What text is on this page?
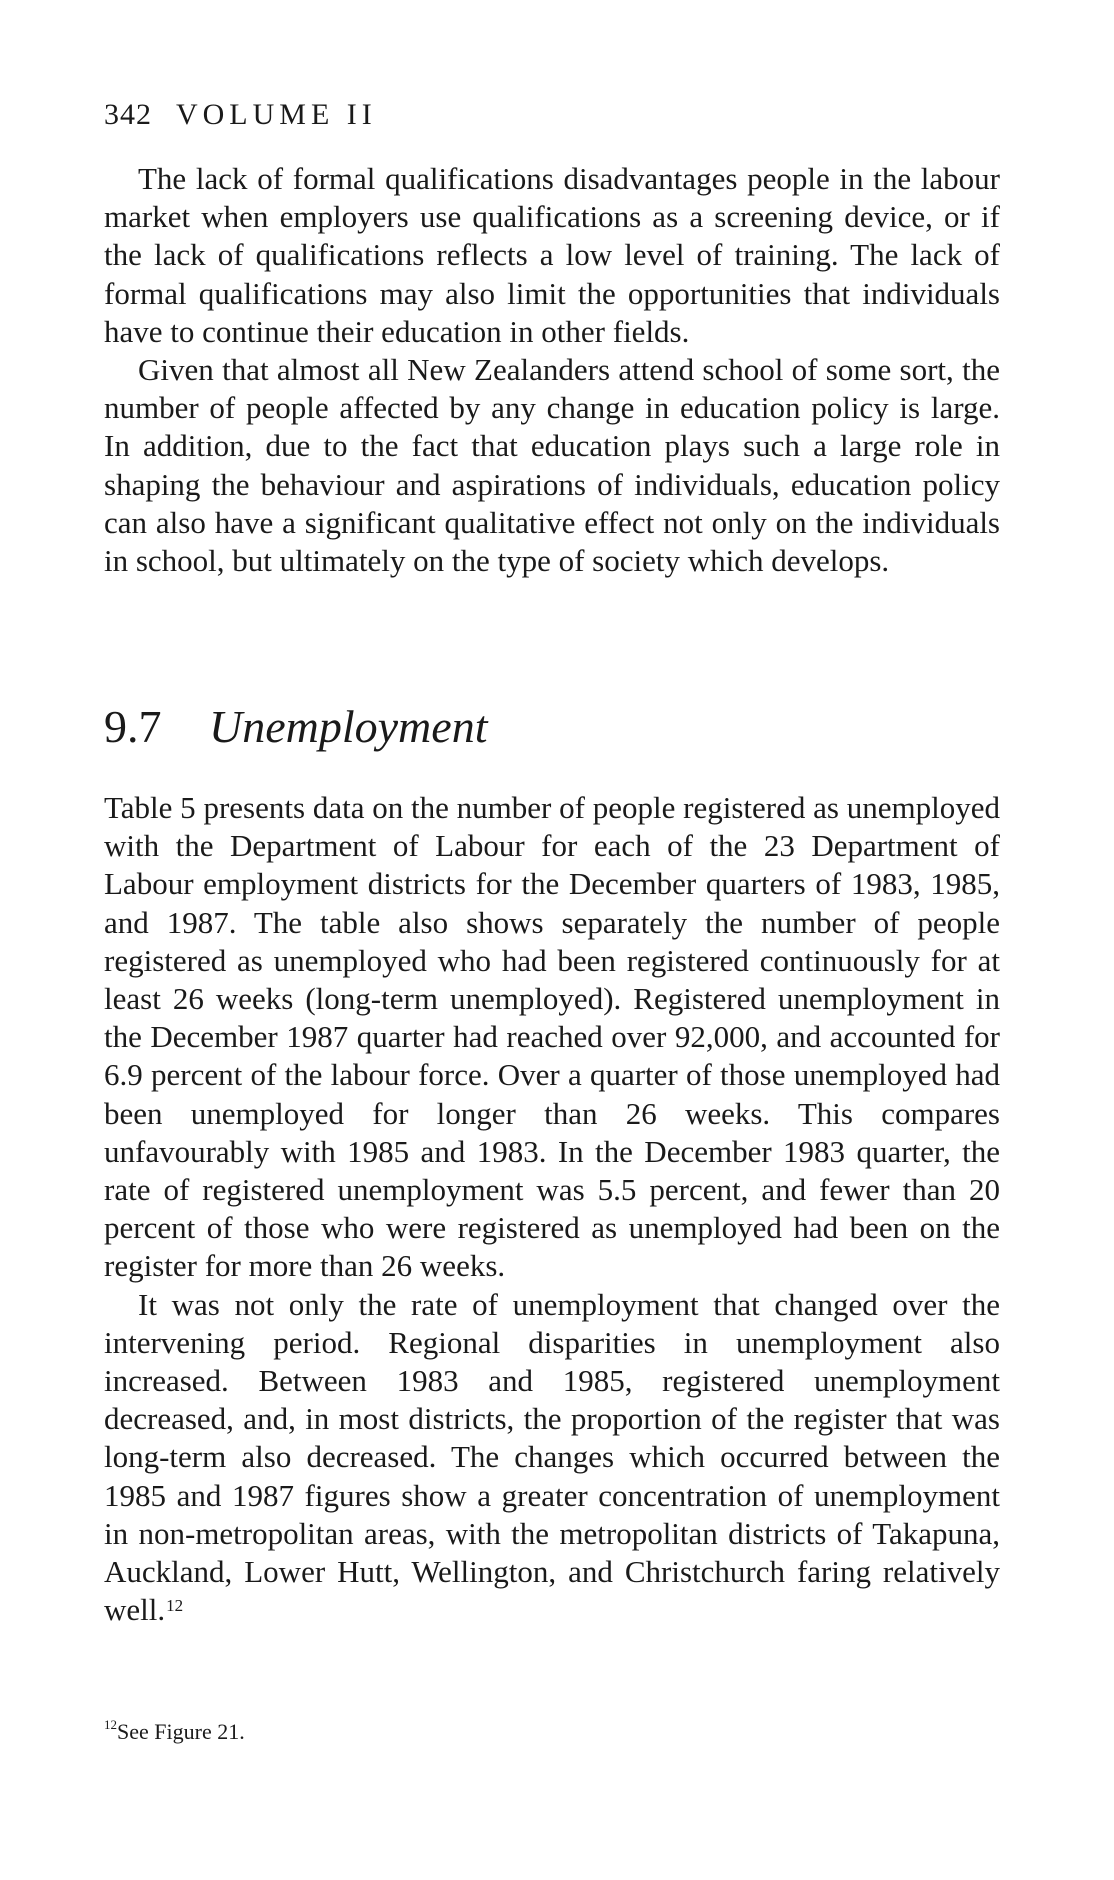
342 VOLUME II

The lack of formal qualifications disadvantages people in the labour market when employers use qualifications as a screening device, or if the lack of qualifications reflects a low level of training. The lack of formal qualifications may also limit the opportunities that individuals have to continue their education in other fields.

Given that almost all New Zealanders attend school of some sort, the number of people affected by any change in education policy is large. In addition, due to the fact that education plays such a large role in shaping the behaviour and aspirations of individuals, education policy can also have a significant qualitative effect not only on the individuals in school, but ultimately on the type of society which develops.

9.7 Unemployment

Table 5 presents data on the number of people registered as unemployed with the Department of Labour for each of the 23 Department of Labour employment districts for the December quarters of 1983, 1985, and 1987. The table also shows separately the number of people registered as unemployed who had been registered continuously for at least 26 weeks (long-term unemployed). Registered unemployment in the December 1987 quarter had reached over 92,000, and accounted for 6.9 percent of the labour force. Over a quarter of those unemployed had been unemployed for longer than 26 weeks. This compares unfavourably with 1985 and 1983. In the December 1983 quarter, the rate of registered unemployment was 5.5 percent, and fewer than 20 percent of those who were registered as unemployed had been on the register for more than 26 weeks.

It was not only the rate of unemployment that changed over the intervening period. Regional disparities in unemployment also increased. Between 1983 and 1985, registered unemployment decreased, and, in most districts, the proportion of the register that was long-term also decreased. The changes which occurred between the 1985 and 1987 figures show a greater concentration of unemployment in non-metropolitan areas, with the metropolitan districts of Takapuna, Auckland, Lower Hutt, Wellington, and Christchurch faring relatively well.$^{12}$

$^{12}$See Figure 21.
